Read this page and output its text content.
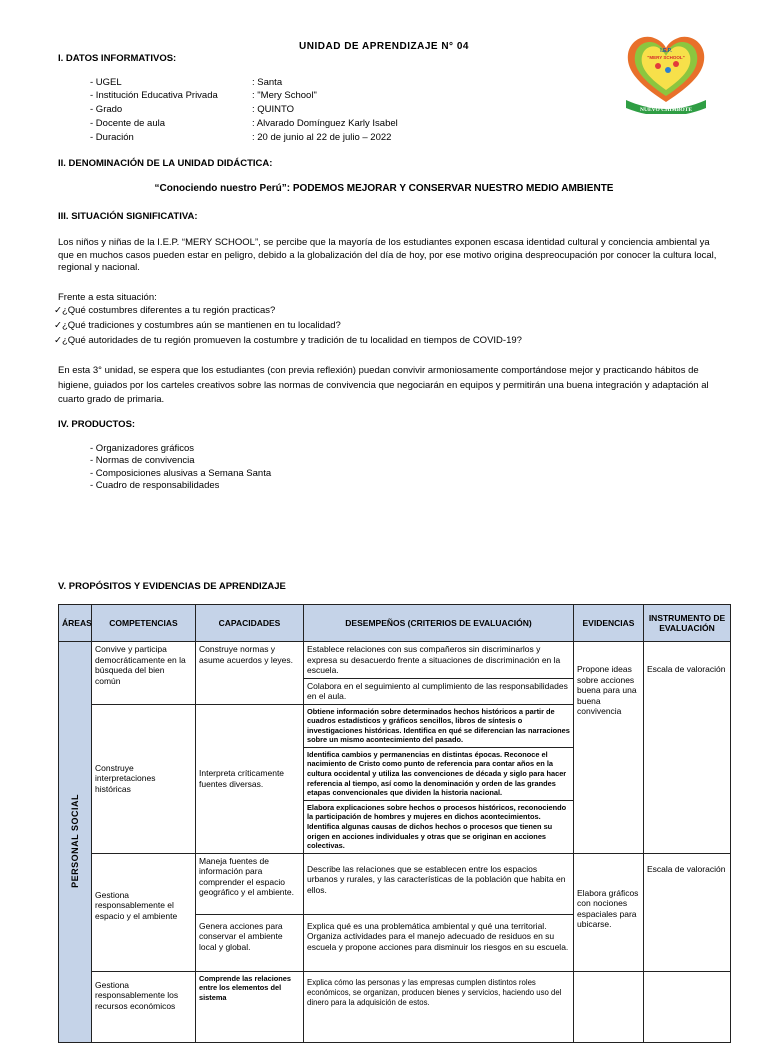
I.E.P.
"MERY SCHOOL"
NUEVO CHIMBOTE
UNIDAD DE APRENDIZAJE N° 04
I. DATOS INFORMATIVOS:
- UGEL	: Santa
- Institución Educativa Privada	: "Mery School"
- Grado	: QUINTO
- Docente de aula	: Alvarado Domínguez Karly Isabel
- Duración	: 20 de junio al 22 de julio – 2022
II. DENOMINACIÓN DE LA UNIDAD DIDÁCTICA:
“Conociendo nuestro Perú”: PODEMOS MEJORAR Y CONSERVAR NUESTRO MEDIO AMBIENTE
III. SITUACIÓN SIGNIFICATIVA:
Los niños y niñas de la I.E.P. “MERY SCHOOL”, se percibe que la mayoría de los estudiantes exponen escasa identidad cultural y conciencia ambiental ya que en muchos casos pueden estar en peligro, debido a la globalización del día de hoy, por ese motivo origina despreocupación por conocer la cultura local, regional y nacional.
Frente a esta situación:
✓¿Qué costumbres diferentes a tu región practicas?
✓¿Qué tradiciones y costumbres aún se mantienen en tu localidad?
✓¿Qué autoridades de tu región promueven la costumbre y tradición de tu localidad en tiempos de COVID-19?
En esta 3° unidad, se espera que los estudiantes (con previa reflexión) puedan convivir armoniosamente comportándose mejor y practicando hábitos de higiene, guiados por los carteles creativos sobre las normas de convivencia que negociarán en equipos y permitirán una buena integración y adaptación al cuarto grado de primaria.
IV. PRODUCTOS:
- Organizadores gráficos
- Normas de convivencia
- Composiciones alusivas a Semana Santa
- Cuadro de responsabilidades
V. PROPÓSITOS Y EVIDENCIAS DE APRENDIZAJE
ÁREAS	COMPETENCIAS	CAPACIDADES	DESEMPEÑOS (CRITERIOS DE EVALUACIÓN)	EVIDENCIAS	INSTRUMENTO DE EVALUACIÓN
PERSONAL SOCIAL	Convive y participa democráticamente en la búsqueda del bien común	Construye normas y asume acuerdos y leyes.	Establece relaciones con sus compañeros sin discriminarlos y expresa su desacuerdo frente a situaciones de discriminación en la escuela.	Propone ideas sobre acciones buena para una buena convivencia	Escala de valoración
			Colabora en el seguimiento al cumplimiento de las responsabilidades en el aula.		
	Construye interpretaciones históricas	Interpreta críticamente fuentes diversas.	Obtiene información sobre determinados hechos históricos a partir de cuadros estadísticos y gráficos sencillos, libros de síntesis o investigaciones históricas. Identifica en qué se diferencian las narraciones sobre un mismo acontecimiento del pasado.		
			Identifica cambios y permanencias en distintas épocas. Reconoce el nacimiento de Cristo como punto de referencia para contar años en la cultura occidental y utiliza las convenciones de década y siglo para hacer referencia al tiempo, así como la denominación y orden de las grandes etapas convencionales que dividen la historia nacional.		
			Elabora explicaciones sobre hechos o procesos históricos, reconociendo la participación de hombres y mujeres en dichos acontecimientos. Identifica algunas causas de dichos hechos o procesos que tienen su origen en acciones individuales y otras que se originan en acciones colectivas.		
	Gestiona responsablemente el espacio y el ambiente	Maneja fuentes de información para comprender el espacio geográfico y el ambiente.	Describe las relaciones que se establecen entre los espacios urbanos y rurales, y las características de la población que habita en ellos.	Elabora gráficos con nociones espaciales para ubicarse.	Escala de valoración
		Genera acciones para conservar el ambiente local y global.	Explica qué es una problemática ambiental y qué una territorial. Organiza actividades para el manejo adecuado de residuos en su escuela y propone acciones para disminuir los riesgos en su escuela.		
	Gestiona responsablemente los recursos económicos	Comprende las relaciones entre los elementos del sistema	Explica cómo las personas y las empresas cumplen distintos roles económicos, se organizan, producen bienes y servicios, haciendo uso del dinero para la adquisición de estos.		
